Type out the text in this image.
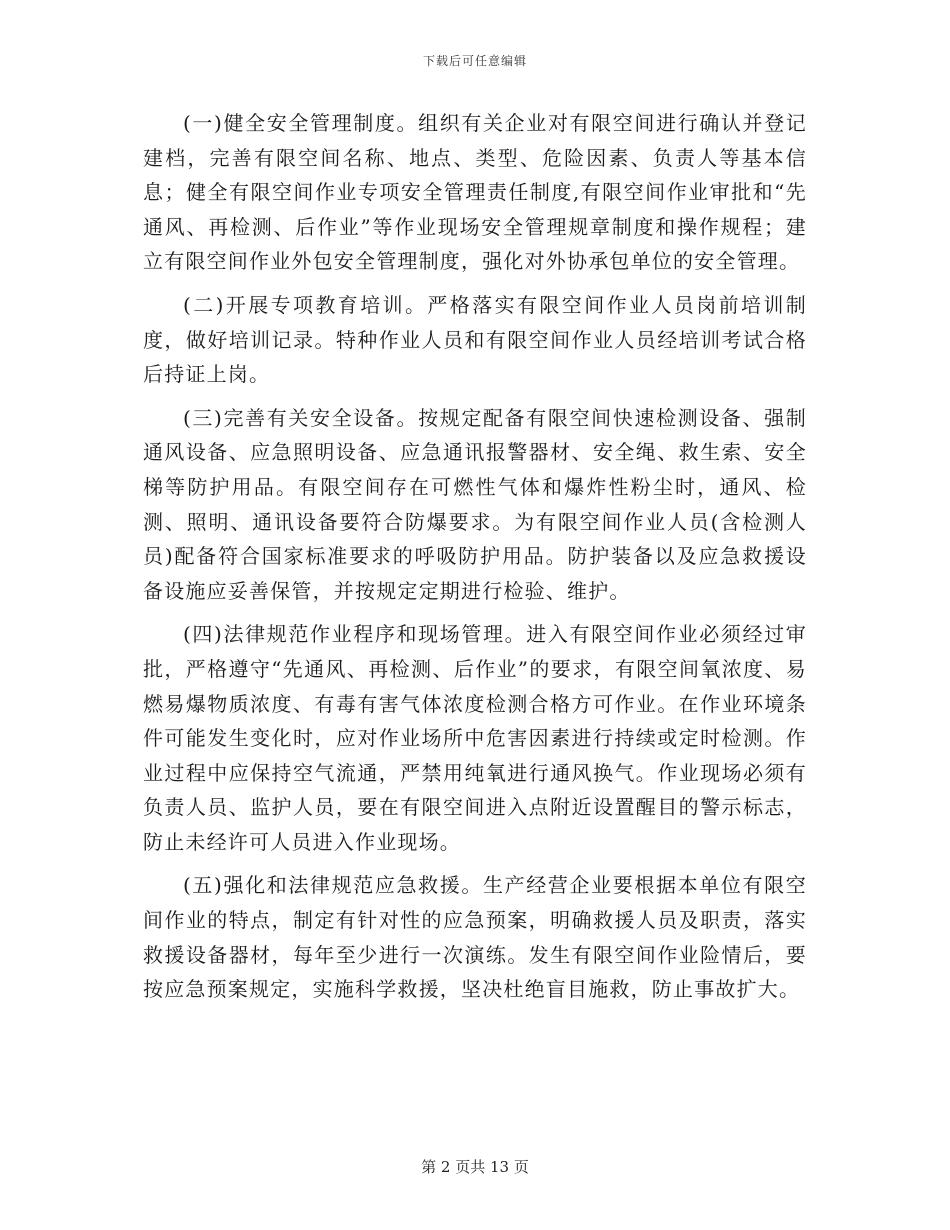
下载后可任意编辑

(一)健全安全管理制度。组织有关企业对有限空间进行确认并登记建档，完善有限空间名称、地点、类型、危险因素、负责人等基本信息；健全有限空间作业专项安全管理责任制度,有限空间作业审批和“先通风、再检测、后作业”等作业现场安全管理规章制度和操作规程；建立有限空间作业外包安全管理制度，强化对外协承包单位的安全管理。

(二)开展专项教育培训。严格落实有限空间作业人员岗前培训制度，做好培训记录。特种作业人员和有限空间作业人员经培训考试合格后持证上岗。

(三)完善有关安全设备。按规定配备有限空间快速检测设备、强制通风设备、应急照明设备、应急通讯报警器材、安全绳、救生索、安全梯等防护用品。有限空间存在可燃性气体和爆炸性粉尘时，通风、检测、照明、通讯设备要符合防爆要求。为有限空间作业人员(含检测人员)配备符合国家标准要求的呼吸防护用品。防护装备以及应急救援设备设施应妥善保管，并按规定定期进行检验、维护。

(四)法律规范作业程序和现场管理。进入有限空间作业必须经过审批，严格遵守“先通风、再检测、后作业”的要求，有限空间氧浓度、易燃易爆物质浓度、有毒有害气体浓度检测合格方可作业。在作业环境条件可能发生变化时，应对作业场所中危害因素进行持续或定时检测。作业过程中应保持空气流通，严禁用纯氧进行通风换气。作业现场必须有负责人员、监护人员，要在有限空间进入点附近设置醒目的警示标志，防止未经许可人员进入作业现场。

(五)强化和法律规范应急救援。生产经营企业要根据本单位有限空间作业的特点，制定有针对性的应急预案，明确救援人员及职责，落实救援设备器材，每年至少进行一次演练。发生有限空间作业险情后，要按应急预案规定，实施科学救援，坚决杜绝盲目施救，防止事故扩大。

第 2 页共 13 页
